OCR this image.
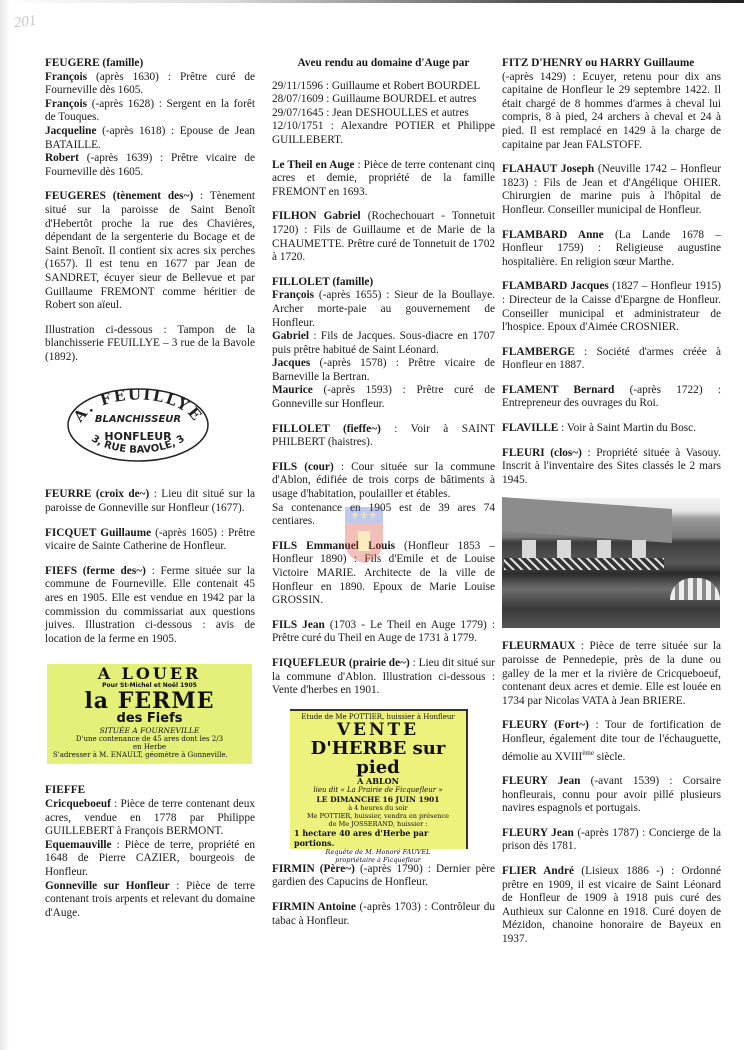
201

FEUGERE (famille)

François (après 1630) : Prêtre curé de Fourneville dès 1605.

François (-après 1628) : Sergent en la forêt de Touques.

Jacqueline (-après 1618) : Epouse de Jean BATAILLE.

Robert (-après 1639) : Prêtre vicaire de Fourneville dès 1605.

FEUGERES (tènement des~) : Tènement situé sur la paroisse de Saint Benoît d'Hebertôt proche la rue des Chavières, dépendant de la sergenterie du Bocage et de Saint Benoît. Il contient six acres six perches (1657). Il est tenu en 1677 par Jean de SANDRET, écuyer sieur de Bellevue et par Guillaume FREMONT comme héritier de Robert son aïeul.

Illustration ci-dessous : Tampon de la blanchisserie FEUILLYE – 3 rue de la Bavole (1892).

A. FEUILLYE
BLANCHISSEUR
HONFLEUR
3, RUE BAVOLE, 3

FEURRE (croix de~) : Lieu dit situé sur la paroisse de Gonneville sur Honfleur (1677).

FICQUET Guillaume (-après 1605) : Prêtre vicaire de Sainte Catherine de Honfleur.

FIEFS (ferme des~) : Ferme située sur la commune de Fourneville. Elle contenait 45 ares en 1905. Elle est vendue en 1942 par la commission du commissariat aux questions juives. Illustration ci-dessous : avis de location de la ferme en 1905.

A LOUER
Pour St-Michel et Noël 1905
la FERME
des Fiefs
SITUÉE A FOURNEVILLE
D'une contenance de 45 ares dont les 2/3
en Herbe
S'adresser à M. ENAULT, géomètre à Gonneville.

FIEFFE

Cricqueboeuf : Pièce de terre contenant deux acres, vendue en 1778 par Philippe GUILLEBERT à François BERMONT.

Equemauville : Pièce de terre, propriété en 1648 de Pierre CAZIER, bourgeois de Honfleur.

Gonneville sur Honfleur : Pièce de terre contenant trois arpents et relevant du domaine d'Auge.

Aveu rendu au domaine d'Auge par

29/11/1596 : Guillaume et Robert BOURDEL

28/07/1609 : Guillaume BOURDEL et autres

29/07/1645 : Jean DESHOULLES et autres

12/10/1751 : Alexandre POTIER et Philippe GUILLEBERT.

Le Theil en Auge : Pièce de terre contenant cinq acres et demie, propriété de la famille FREMONT en 1693.

FILHON Gabriel (Rochechouart - Tonnetuit 1720) : Fils de Guillaume et de Marie de la CHAUMETTE. Prêtre curé de Tonnetuit de 1702 à 1720.

FILLOLET (famille)

François (-après 1655) : Sieur de la Boullaye. Archer morte-paie au gouvernement de Honfleur.

Gabriel : Fils de Jacques. Sous-diacre en 1707 puis prêtre habitué de Saint Léonard.

Jacques (-après 1578) : Prêtre vicaire de Barneville la Bertran.

Maurice (-après 1593) : Prêtre curé de Gonneville sur Honfleur.

FILLOLET (fieffe~) : Voir à SAINT PHILBERT (haistres).

FILS (cour) : Cour située sur la commune d'Ablon, édifiée de trois corps de bâtiments à usage d'habitation, poulailler et étables.

Sa contenance en 1905 est de 39 ares 74 centiares.

FILS Emmanuel Louis (Honfleur 1853 – Honfleur 1890) : Fils d'Emile et de Louise Victoire MARIE. Architecte de la ville de Honfleur en 1890. Epoux de Marie Louise GROSSIN.

FILS Jean (1703 - Le Theil en Auge 1779) : Prêtre curé du Theil en Auge de 1731 à 1779.

FIQUEFLEUR (prairie de~) : Lieu dit situé sur la commune d'Ablon. Illustration ci-dessous : Vente d'herbes en 1901.

Etude de Me POTTIER, huissier à Honfleur
VENTE
D'HERBE sur pied
A ABLON
lieu dit « La Prairie de Ficquefleur »
LE DIMANCHE 16 JUIN 1901
à 4 heures du soir
Me POTTIER, huissier, vendra en présence
de Me JOSSERAND, huissier :
1 hectare 40 ares d'Herbe par portions.
Requête de M. Honoré FAUVEL
propriétaire à Ficquefleur

FIRMIN (Père~) (-après 1790) : Dernier père gardien des Capucins de Honfleur.

FIRMIN Antoine (-après 1703) : Contrôleur du tabac à Honfleur.

⚜⚜⚜

FITZ D'HENRY ou HARRY Guillaume

(-après 1429) : Ecuyer, retenu pour dix ans capitaine de Honfleur le 29 septembre 1422. Il était chargé de 8 hommes d'armes à cheval lui compris, 8 à pied, 24 archers à cheval et 24 à pied. Il est remplacé en 1429 à la charge de capitaine par Jean FALSTOFF.

FLAHAUT Joseph (Neuville 1742 – Honfleur 1823) : Fils de Jean et d'Angélique OHIER. Chirurgien de marine puis à l'hôpital de Honfleur. Conseiller municipal de Honfleur.

FLAMBARD Anne (La Lande 1678 – Honfleur 1759) : Religieuse augustine hospitalière. En religion sœur Marthe.

FLAMBARD Jacques (1827 – Honfleur 1915) : Directeur de la Caisse d'Epargne de Honfleur. Conseiller municipal et administrateur de l'hospice. Epoux d'Aimée CROSNIER.

FLAMBERGE : Société d'armes créée à Honfleur en 1887.

FLAMENT Bernard (-après 1722) : Entrepreneur des ouvrages du Roi.

FLAVILLE : Voir à Saint Martin du Bosc.

FLEURI (clos~) : Propriété située à Vasouy. Inscrit à l'inventaire des Sites classés le 2 mars 1945.

FLEURMAUX : Pièce de terre située sur la paroisse de Pennedepie, près de la dune ou galley de la mer et la rivière de Cricqueboeuf, contenant deux acres et demie. Elle est louée en 1734 par Nicolas VATA à Jean BRIERE.

FLEURY (Fort~) : Tour de fortification de Honfleur, également dite tour de l'échauguette, démolie au XVIIIème siècle.

FLEURY Jean (-avant 1539) : Corsaire honfleurais, connu pour avoir pillé plusieurs navires espagnols et portugais.

FLEURY Jean (-après 1787) : Concierge de la prison dès 1781.

FLIER André (Lisieux 1886 -) : Ordonné prêtre en 1909, il est vicaire de Saint Léonard de Honfleur de 1909 à 1918 puis curé des Authieux sur Calonne en 1918. Curé doyen de Mézidon, chanoine honoraire de Bayeux en 1937.
